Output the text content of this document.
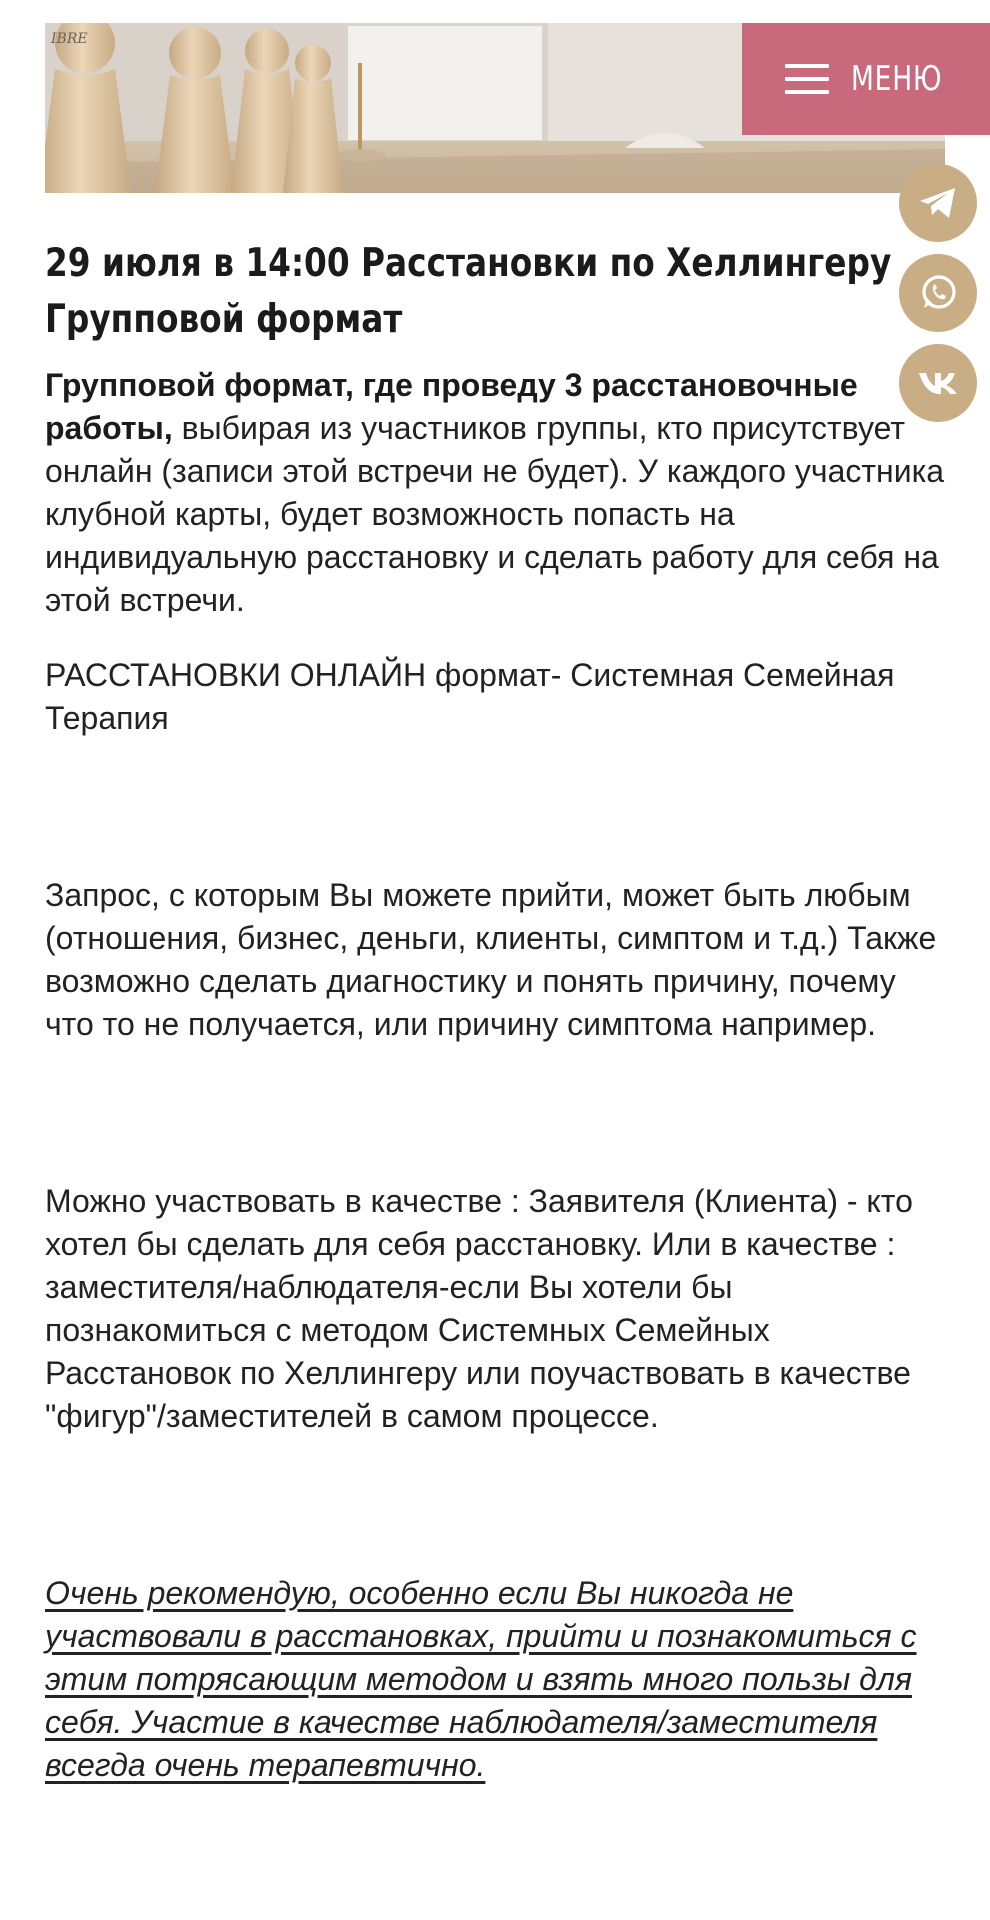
IBRE
МЕНЮ
29 июля в 14:00 Расстановки по Хеллингеру
Групповой формат

Групповой формат, где проведу 3 расстановочные работы, выбирая из участников группы, кто присутствует онлайн (записи этой встречи не будет). У каждого участника клубной карты, будет возможность попасть на индивидуальную расстановку и сделать работу для себя на этой встречи.

РАССТАНОВКИ ОНЛАЙН формат- Системная Семейная Терапия

Запрос, с которым Вы можете прийти, может быть любым (отношения, бизнес, деньги, клиенты, симптом и т.д.) Также возможно сделать диагностику и понять причину, почему что то не получается, или причину симптома например.

Можно участвовать в качестве : Заявителя (Клиента) - кто хотел бы сделать для себя расстановку. Или в качестве : заместителя/наблюдателя-если Вы хотели бы познакомиться с методом Системных Семейных Расстановок по Хеллингеру или поучаствовать в качестве "фигур"/заместителей в самом процессе.

Очень рекомендую, особенно если Вы никогда не участвовали в расстановках, прийти и познакомиться с этим потрясающим методом и взять много пользы для себя. Участие в качестве наблюдателя/заместителя всегда очень терапевтично.
